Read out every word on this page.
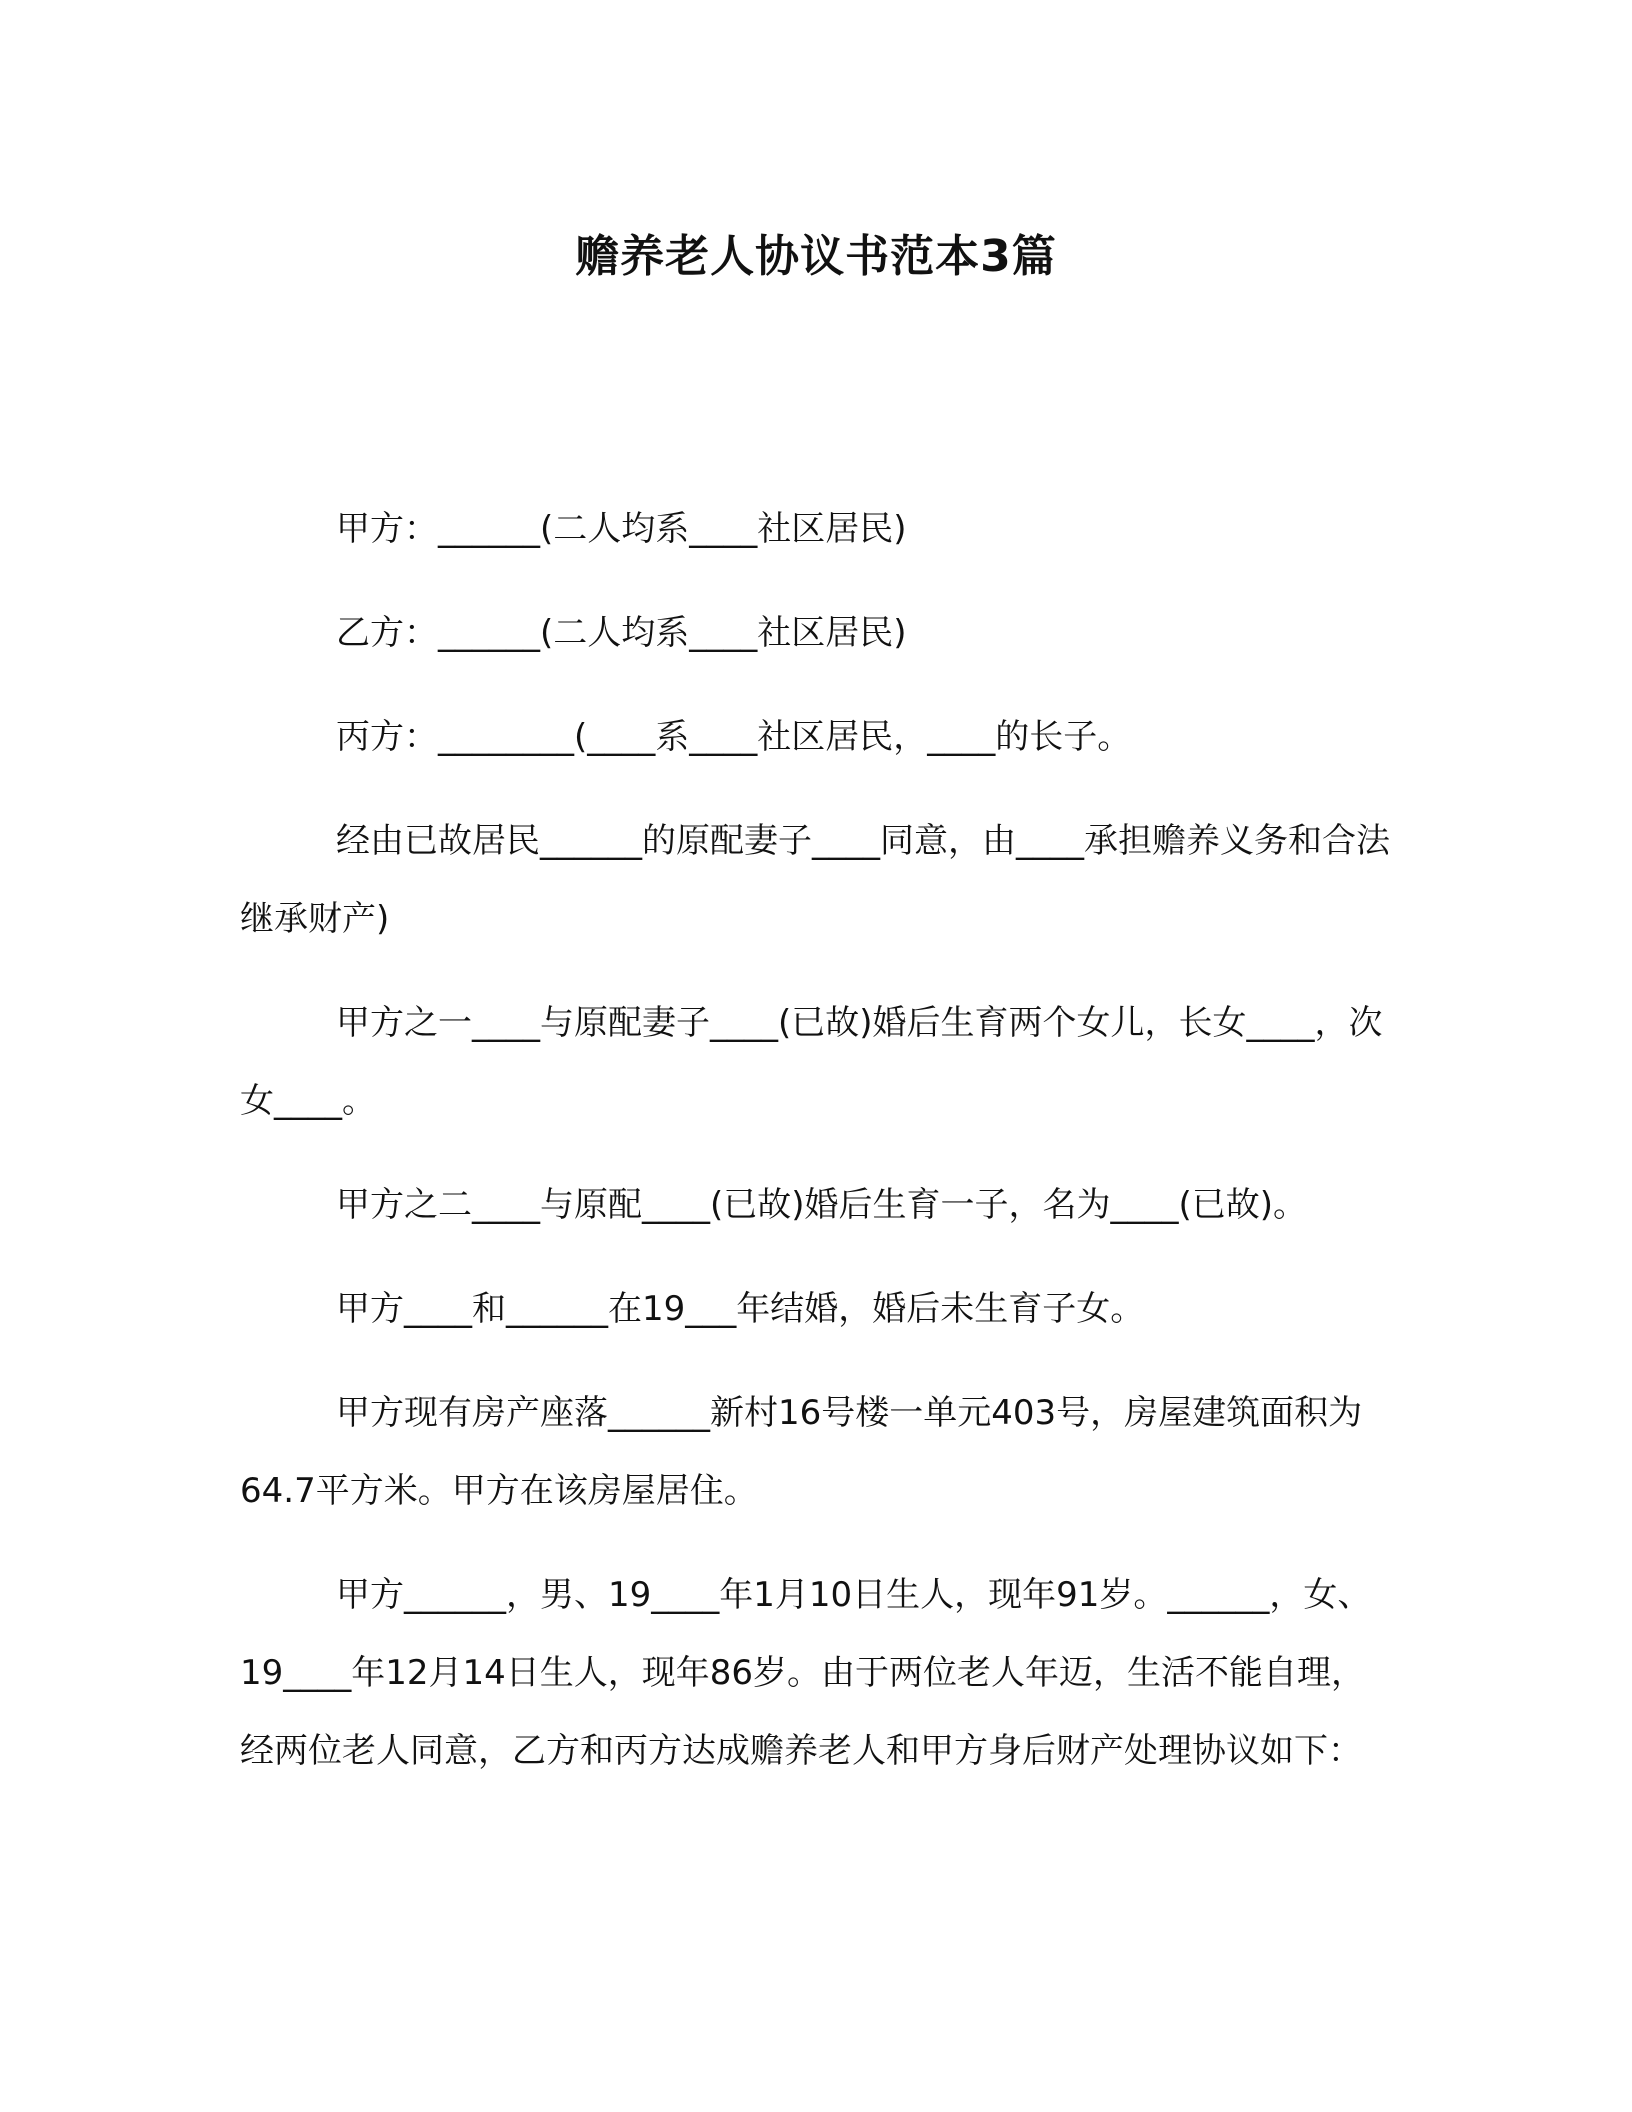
赡养老人协议书范本3篇

甲方：______(二人均系____社区居民)

乙方：______(二人均系____社区居民)

丙方：________(____系____社区居民，____的长子。

经由已故居民______的原配妻子____同意，由____承担赡养义务和合法继承财产)

甲方之一____与原配妻子____(已故)婚后生育两个女儿，长女____，次女____。

甲方之二____与原配____(已故)婚后生育一子，名为____(已故)。

甲方____和______在19___年结婚，婚后未生育子女。

甲方现有房产座落______新村16号楼一单元403号，房屋建筑面积为64.7平方米。甲方在该房屋居住。

甲方______，男、19____年1月10日生人，现年91岁。______，女、19____年12月14日生人，现年86岁。由于两位老人年迈，生活不能自理，经两位老人同意，乙方和丙方达成赡养老人和甲方身后财产处理协议如下：
